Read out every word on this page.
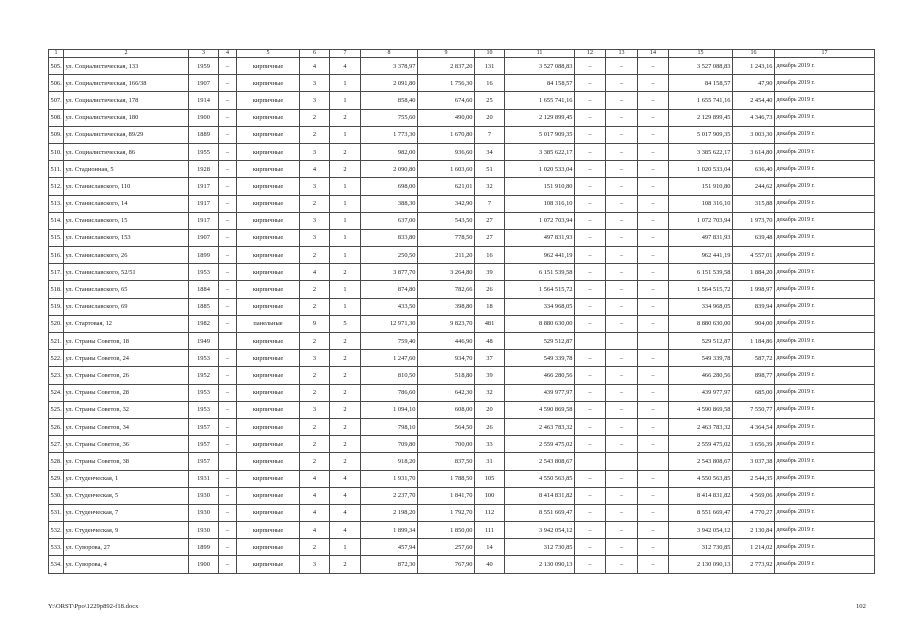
1	2	3	4	5	6	7	8	9	10	11	12	13	14	15	16	17
505.	ул. Социалистическая, 133	1959	–	кирпичные	4	4	3 378,97	2 837,20	131	3 527 088,83	–	–	–	3 527 088,83	1 243,16	декабрь 2019 г.
506.	ул. Социалистическая, 166/38	1907	–	кирпичные	3	1	2 091,80	1 756,30	16	84 158,57	–	–	–	84 158,57	47,90	декабрь 2019 г.
507.	ул. Социалистическая, 178	1914	–	кирпичные	3	1	858,40	674,60	25	1 655 741,16	–	–	–	1 655 741,16	2 454,40	декабрь 2019 г.
508.	ул. Социалистическая, 180	1900	–	кирпичные	2	2	755,60	490,00	20	2 129 899,45	–	–	–	2 129 899,45	4 346,73	декабрь 2019 г.
509.	ул. Социалистическая, 89/29	1889	–	кирпичные	2	1	1 773,30	1 670,80	7	5 017 909,35	–	–	–	5 017 909,35	3 003,30	декабрь 2019 г.
510.	ул. Социалистическая, 86	1955	–	кирпичные	3	2	982,00	936,60	34	3 385 622,17	–	–	–	3 385 622,17	3 614,80	декабрь 2019 г.
511.	ул. Стадионная, 5	1928	–	кирпичные	4	2	2 090,80	1 603,60	51	1 020 533,04	–	–	–	1 020 533,04	636,40	декабрь 2019 г.
512.	ул. Станиславского, 110	1917	–	кирпичные	3	1	698,00	621,01	32	151 910,80	–	–	–	151 910,80	244,62	декабрь 2019 г.
513.	ул. Станиславского, 14	1917	–	кирпичные	2	1	388,30	342,90	7	108 316,10	–	–	–	108 316,10	315,88	декабрь 2019 г.
514.	ул. Станиславского, 15	1917	–	кирпичные	3	1	637,00	543,50	27	1 072 703,94	–	–	–	1 072 703,94	1 973,70	декабрь 2019 г.
515.	ул. Станиславского, 153	1907	–	кирпичные	3	1	833,80	778,50	27	497 831,93	–	–	–	497 831,93	639,48	декабрь 2019 г.
516.	ул. Станиславского, 26	1899	–	кирпичные	2	1	250,50	211,20	16	962 441,19	–	–	–	962 441,19	4 557,01	декабрь 2019 г.
517.	ул. Станиславского, 52/51	1953	–	кирпичные	4	2	3 877,70	3 264,80	39	6 151 539,58	–	–	–	6 151 539,58	1 884,20	декабрь 2019 г.
518.	ул. Станиславского, 65	1884	–	кирпичные	2	1	874,80	782,66	26	1 564 515,72	–	–	–	1 564 515,72	1 998,97	декабрь 2019 г.
519.	ул. Станиславского, 69	1885	–	кирпичные	2	1	433,50	398,80	18	334 968,05	–	–	–	334 968,05	839,94	декабрь 2019 г.
520.	ул. Стартовая, 12	1982	–	панельные	9	5	12 971,30	9 823,70	481	8 880 630,00	–	–	–	8 880 630,00	904,00	декабрь 2019 г.
521.	ул. Страны Советов, 18	1949		кирпичные	2	2	759,40	446,90	48	529 512,87				529 512,87	1 184,86	декабрь 2019 г.
522.	ул. Страны Советов, 24	1953	–	кирпичные	3	2	1 247,60	934,70	37	549 339,78	–	–	–	549 339,78	587,72	декабрь 2019 г.
523.	ул. Страны Советов, 26	1952	–	кирпичные	2	2	810,50	518,80	39	466 280,56	–	–	–	466 280,56	898,77	декабрь 2019 г.
524.	ул. Страны Советов, 28	1953	–	кирпичные	2	2	786,60	642,30	32	439 977,97	–	–	–	439 977,97	685,00	декабрь 2019 г.
525.	ул. Страны Советов, 32	1953	–	кирпичные	3	2	1 094,10	608,00	20	4 590 869,58	–	–	–	4 590 869,58	7 550,77	декабрь 2019 г.
526.	ул. Страны Советов, 34	1957	–	кирпичные	2	2	798,10	564,50	26	2 463 783,32	–	–	–	2 463 783,32	4 364,54	декабрь 2019 г.
527.	ул. Страны Советов, 36	1957	–	кирпичные	2	2	709,80	700,00	33	2 559 475,02	–	–	–	2 559 475,02	3 656,39	декабрь 2019 г.
528.	ул. Страны Советов, 38	1957		кирпичные	2	2	918,20	837,50	31	2 543 808,67				2 543 808,67	3 037,38	декабрь 2019 г.
529.	ул. Студенческая, 1	1931	–	кирпичные	4	4	1 931,70	1 788,50	105	4 550 563,85	–	–	–	4 550 563,85	2 544,35	декабрь 2019 г.
530.	ул. Студенческая, 5	1930	–	кирпичные	4	4	2 237,70	1 841,70	100	8 414 831,82	–	–	–	8 414 831,82	4 569,06	декабрь 2019 г.
531.	ул. Студенческая, 7	1930	–	кирпичные	4	4	2 198,20	1 792,70	112	8 551 669,47	–	–	–	8 551 669,47	4 770,27	декабрь 2019 г.
532.	ул. Студенческая, 9	1930	–	кирпичные	4	4	1 899,34	1 850,00	111	3 942 054,12	–	–	–	3 942 054,12	2 130,84	декабрь 2019 г.
533.	ул. Суворова, 27	1899	–	кирпичные	2	1	457,94	257,60	14	312 730,85	–	–	–	312 730,85	1 214,02	декабрь 2019 г.
534.	ул. Суворова, 4	1900	–	кирпичные	3	2	872,30	767,90	40	2 130 090,13	–	–	–	2 130 090,13	2 773,92	декабрь 2019 г.
Y:\ORST\Ppo\1229p892-f18.docx	102
